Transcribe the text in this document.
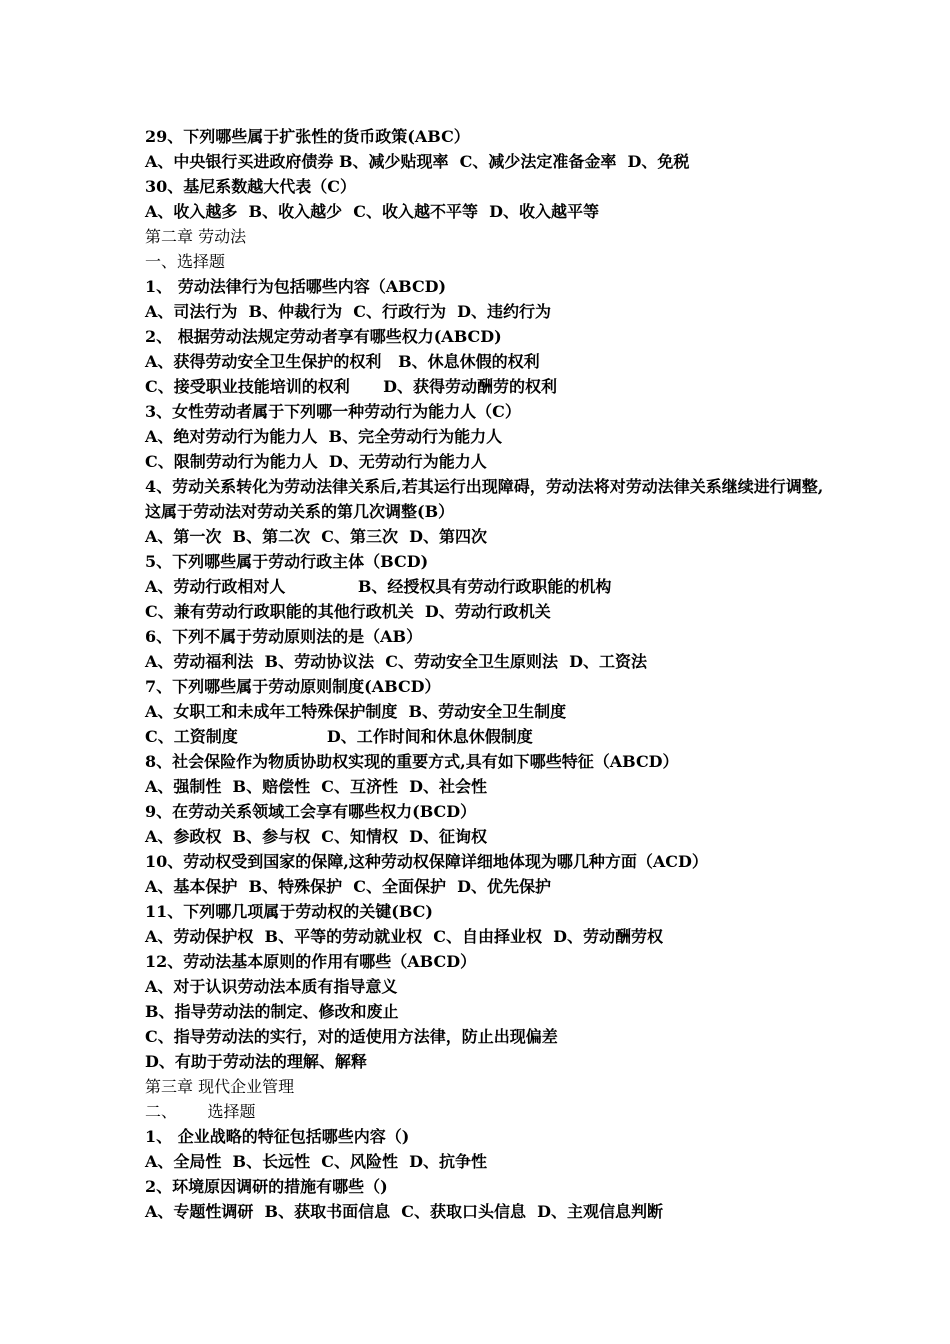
29、下列哪些属于扩张性的货币政策(ABC）
A、中央银行买进政府债券 B、减少贴现率  C、减少法定准备金率  D、免税
30、基尼系数越大代表（C）
A、收入越多  B、收入越少  C、收入越不平等  D、收入越平等
第二章 劳动法
一、选择题
1、 劳动法律行为包括哪些内容（ABCD)
A、司法行为  B、仲裁行为  C、行政行为  D、违约行为
2、 根据劳动法规定劳动者享有哪些权力(ABCD)
A、获得劳动安全卫生保护的权利   B、休息休假的权利
C、接受职业技能培训的权利      D、获得劳动酬劳的权利
3、女性劳动者属于下列哪一种劳动行为能力人（C）
A、绝对劳动行为能力人  B、完全劳动行为能力人
C、限制劳动行为能力人  D、无劳动行为能力人
4、劳动关系转化为劳动法律关系后,若其运行出现障碍，劳动法将对劳动法律关系继续进行调整,这属于劳动法对劳动关系的第几次调整(B）
A、第一次  B、第二次  C、第三次  D、第四次
5、下列哪些属于劳动行政主体（BCD)
A、劳动行政相对人             B、经授权具有劳动行政职能的机构
C、兼有劳动行政职能的其他行政机关  D、劳动行政机关
6、下列不属于劳动原则法的是（AB）
A、劳动福利法  B、劳动协议法  C、劳动安全卫生原则法  D、工资法
7、下列哪些属于劳动原则制度(ABCD）
A、女职工和未成年工特殊保护制度  B、劳动安全卫生制度
C、工资制度                D、工作时间和休息休假制度
8、社会保险作为物质协助权实现的重要方式,具有如下哪些特征（ABCD）
A、强制性  B、赔偿性  C、互济性  D、社会性
9、在劳动关系领域工会享有哪些权力(BCD）
A、参政权  B、参与权  C、知情权  D、征询权
10、劳动权受到国家的保障,这种劳动权保障详细地体现为哪几种方面（ACD）
A、基本保护  B、特殊保护  C、全面保护  D、优先保护
11、下列哪几项属于劳动权的关键(BC)
A、劳动保护权  B、平等的劳动就业权  C、自由择业权  D、劳动酬劳权
12、劳动法基本原则的作用有哪些（ABCD）
A、对于认识劳动法本质有指导意义
B、指导劳动法的制定、修改和废止
C、指导劳动法的实行，对的适使用方法律，防止出现偏差
D、有助于劳动法的理解、解释
第三章 现代企业管理
二、      选择题
1、 企业战略的特征包括哪些内容（)
A、全局性  B、长远性  C、风险性  D、抗争性
2、环境原因调研的措施有哪些（)
A、专题性调研  B、获取书面信息  C、获取口头信息  D、主观信息判断
